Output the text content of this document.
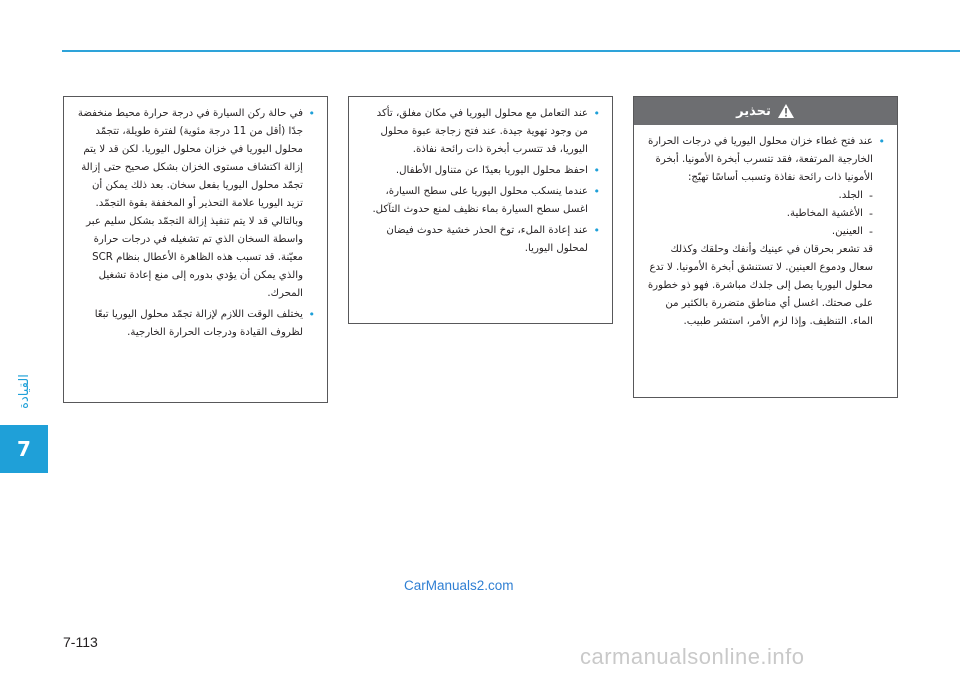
القيادة
7
تحذير
• عند فتح غطاء خزان محلول اليوريا في درجات الحرارة الخارجية المرتفعة، فقد تتسرب أبخرة الأمونيا. أبخرة الأمونيا ذات رائحة نفاذة وتسبب أساسًا تهيّج:
- الجلد.
- الأغشية المخاطية.
- العينين.
قد تشعر بحرقان في عينيك وأنفك وحلقك وكذلك سعال ودموع العينين. لا تستنشق أبخرة الأمونيا. لا تدع محلول اليوريا يصل إلى جلدك مباشرة. فهو ذو خطورة على صحتك. اغسل أي مناطق متضررة بالكثير من الماء. التنظيف. وإذا لزم الأمر، استشر طبيب.
• عند التعامل مع محلول اليوريا في مكان مغلق، تأكد من وجود تهوية جيدة. عند فتح زجاجة عبوة محلول اليوريا، قد تتسرب أبخرة ذات رائحة نفاذة.
• احفظ محلول اليوريا بعيدًا عن متناول الأطفال.
• عندما ينسكب محلول اليوريا على سطح السيارة، اغسل سطح السيارة بماء نظيف لمنع حدوث التآكل.
• عند إعادة الملء، توخ الحذر خشية حدوث فيضان لمحلول اليوريا.
• في حالة ركن السيارة في درجة حرارة محيط منخفضة جدًا (أقل من 11 درجة مئوية) لفترة طويلة، تتجمّد محلول اليوريا في خزان محلول اليوريا. لكن قد لا يتم إزالة اكتشاف مستوى الخزان بشكل صحيح حتى إزالة تجمّد محلول اليوريا بفعل سخان. بعد ذلك يمكن أن تزيد اليوريا علامة التحذير أو المخففة بقوة التجمّد. وبالتالي قد لا يتم تنفيذ إزالة التجمّد بشكل سليم عبر واسطة السخان الذي تم تشغيله في درجات حرارة معيّنة. قد تسبب هذه الظاهرة الأعطال بنظام SCR والذي يمكن أن يؤدي بدوره إلى منع إعادة تشغيل المحرك.
• يختلف الوقت اللازم لإزالة تجمّد محلول اليوريا تبعًا لظروف القيادة ودرجات الحرارة الخارجية.
CarManuals2.com
7-113
carmanualsonline.info
